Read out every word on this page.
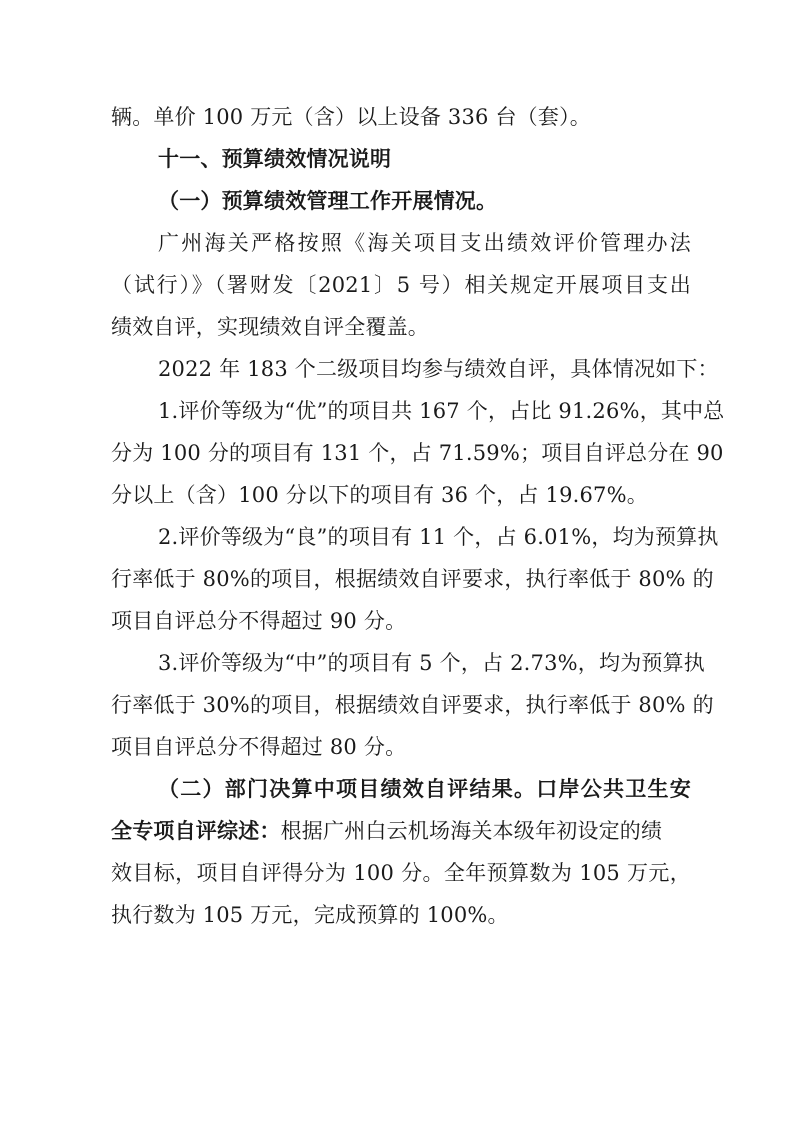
辆。单价 100 万元（含）以上设备 336 台（套）。
十一、预算绩效情况说明
（一）预算绩效管理工作开展情况。
广州海关严格按照《海关项目支出绩效评价管理办法
（试行）》（署财发〔2021〕5 号）相关规定开展项目支出
绩效自评，实现绩效自评全覆盖。
2022 年 183 个二级项目均参与绩效自评，具体情况如下：
1.评价等级为“优”的项目共 167 个，占比 91.26%，其中总
分为 100 分的项目有 131 个，占 71.59%；项目自评总分在 90
分以上（含）100 分以下的项目有 36 个，占 19.67%。
2.评价等级为“良”的项目有 11 个，占 6.01%，均为预算执
行率低于 80%的项目，根据绩效自评要求，执行率低于 80% 的
项目自评总分不得超过 90 分。
3.评价等级为“中”的项目有 5 个，占 2.73%，均为预算执
行率低于 30%的项目，根据绩效自评要求，执行率低于 80% 的
项目自评总分不得超过 80 分。
（二）部门决算中项目绩效自评结果。口岸公共卫生安
全专项自评综述：根据广州白云机场海关本级年初设定的绩
效目标，项目自评得分为 100 分。全年预算数为 105 万元，
执行数为 105 万元，完成预算的 100%。
